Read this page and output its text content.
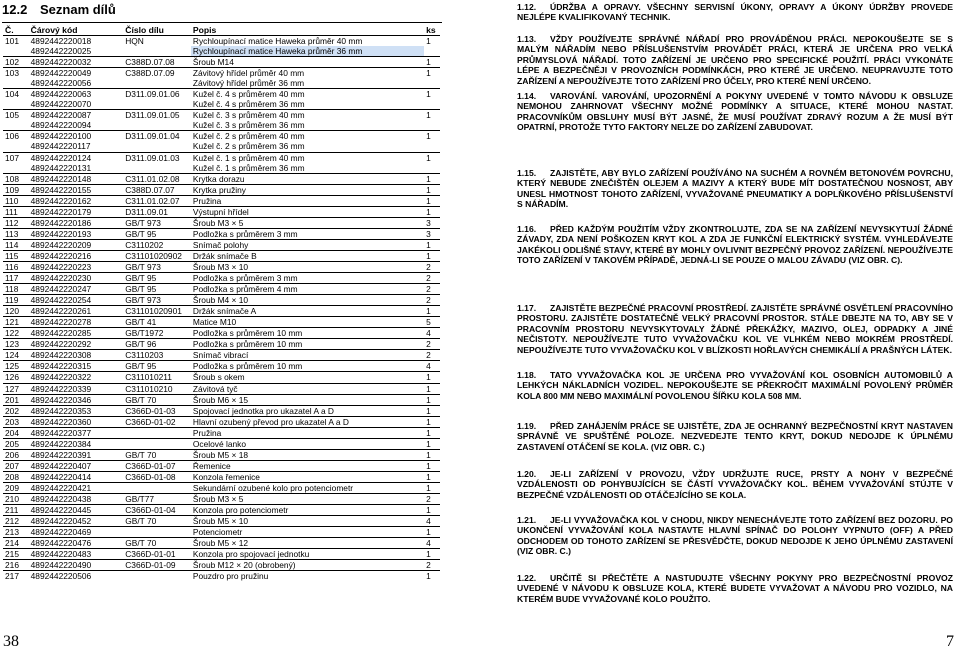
12.2 Seznam dílů
Č.	Čárový kód	Číslo dílu	Popis	ks
101	4892442220018	HQN	Rychloupínací matice Haweka průměr 40 mm	1
	4892442220025		Rychloupínací matice Haweka průměr 36 mm	
102	4892442220032	C388D.07.08	Šroub M14	1
103	4892442220049	C388D.07.09	Závitový hřídel průměr 40 mm	1
	4892442220056		Závitový hřídel průměr 36 mm	
104	4892442220063	D311.09.01.06	Kužel č. 4 s průměrem 40 mm	1
	4892442220070		Kužel č. 4 s průměrem 36 mm	
105	4892442220087	D311.09.01.05	Kužel č. 3 s průměrem 40 mm	1
	4892442220094		Kužel č. 3 s průměrem 36 mm	
106	4892442220100	D311.09.01.04	Kužel č. 2 s průměrem 40 mm	1
	4892442220117		Kužel č. 2 s průměrem 36 mm	
107	4892442220124	D311.09.01.03	Kužel č. 1 s průměrem 40 mm	1
	4892442220131		Kužel č. 1 s průměrem 36 mm	
108	4892442220148	C311.01.02.08	Krytka dorazu	1
109	4892442220155	C388D.07.07	Krytka pružiny	1
110	4892442220162	C311.01.02.07	Pružina	1
111	4892442220179	D311.09.01	Výstupní hřídel	1
112	4892442220186	GB/T 973	Šroub M3 × 5	3
113	4892442220193	GB/T 95	Podložka s průměrem 3 mm	3
114	4892442220209	C3110202	Snímač polohy	1
115	4892442220216	C31101020902	Držák snímače B	1
116	4892442220223	GB/T 973	Šroub M3 × 10	2
117	4892442220230	GB/T 95	Podložka s průměrem 3 mm	2
118	4892442220247	GB/T 95	Podložka s průměrem 4 mm	2
119	4892442220254	GB/T 973	Šroub M4 × 10	2
120	4892442220261	C31101020901	Držák snímače A	1
121	4892442220278	GB/T 41	Matice M10	5
122	4892442220285	GB/T1972	Podložka s průměrem 10 mm	4
123	4892442220292	GB/T 96	Podložka s průměrem 10 mm	2
124	4892442220308	C3110203	Snímač vibrací	2
125	4892442220315	GB/T 95	Podložka s průměrem 10 mm	4
126	4892442220322	C311010211	Šroub s okem	1
127	4892442220339	C311010210	Závitová tyč	1
201	4892442220346	GB/T 70	Šroub M6 × 15	1
202	4892442220353	C366D-01-03	Spojovací jednotka pro ukazatel A a D	1
203	4892442220360	C366D-01-02	Hlavní ozubený převod pro ukazatel A a D	1
204	4892442220377		Pružina	1
205	4892442220384		Ocelové lanko	1
206	4892442220391	GB/T 70	Šroub M5 × 18	1
207	4892442220407	C366D-01-07	Řemenice	1
208	4892442220414	C366D-01-08	Konzola řemenice	1
209	4892442220421		Sekundární ozubené kolo pro potenciometr	1
210	4892442220438	GB/T77	Šroub M3 × 5	2
211	4892442220445	C366D-01-04	Konzola pro potenciometr	1
212	4892442220452	GB/T 70	Šroub M5 × 10	4
213	4892442220469		Potenciometr	1
214	4892442220476	GB/T 70	Šroub M5 × 12	4
215	4892442220483	C366D-01-01	Konzola pro spojovací jednotku	1
216	4892442220490	C366D-01-09	Šroub M12 × 20 (obrobený)	2
217	4892442220506		Pouzdro pro pružinu	1
38	7
1.12. ÚDRŽBA A OPRAVY. VŠECHNY SERVISNÍ ÚKONY, OPRAVY A ÚKONY ÚDRŽBY PROVEDE NEJLÉPE KVALIFIKOVANÝ TECHNIK.
1.13. VŽDY POUŽÍVEJTE SPRÁVNÉ NÁŘADÍ PRO PROVÁDĚNOU PRÁCI. NEPOKOUŠEJTE SE S MALÝM NÁŘADÍM NEBO PŘÍSLUŠENSTVÍM PROVÁDĚT PRÁCI, KTERÁ JE URČENA PRO VELKÁ PRŮMYSLOVÁ NÁŘADÍ. TOTO ZAŘÍZENÍ JE URČENO PRO SPECIFICKÉ POUŽITÍ. PRÁCI VYKONÁTE LÉPE A BEZPEČNĚJI V PROVOZNÍCH PODMÍNKÁCH, PRO KTERÉ JE URČENO. NEUPRAVUJTE TOTO ZAŘÍZENÍ A NEPOUŽÍVEJTE TOTO ZAŘÍZENÍ PRO ÚČELY, PRO KTERÉ NENÍ URČENO.
1.14. VAROVÁNÍ. VAROVÁNÍ, UPOZORNĚNÍ A POKYNY UVEDENÉ V TOMTO NÁVODU K OBSLUZE NEMOHOU ZAHRNOVAT VŠECHNY MOŽNÉ PODMÍNKY A SITUACE, KTERÉ MOHOU NASTAT. PRACOVNÍKŮM OBSLUHY MUSÍ BÝT JASNÉ, ŽE MUSÍ POUŽÍVAT ZDRAVÝ ROZUM A ŽE MUSÍ BÝT OPATRNÍ, PROTOŽE TYTO FAKTORY NELZE DO ZAŘÍZENÍ ZABUDOVAT.
1.15. ZAJISTĚTE, ABY BYLO ZAŘÍZENÍ POUŽÍVÁNO NA SUCHÉM A ROVNÉM BETONOVÉM POVRCHU, KTERÝ NEBUDE ZNEČIŠTĚN OLEJEM A MAZIVY A KTERÝ BUDE MÍT DOSTATEČNOU NOSNOST, ABY UNESL HMOTNOST TOHOTO ZAŘÍZENÍ, VYVAŽOVANÉ PNEUMATIKY A DOPLŇKOVÉHO PŘÍSLUŠENSTVÍ S NÁŘADÍM.
1.16. PŘED KAŽDÝM POUŽITÍM VŽDY ZKONTROLUJTE, ZDA SE NA ZAŘÍZENÍ NEVYSKYTUJÍ ŽÁDNÉ ZÁVADY, ZDA NENÍ POŠKOZEN KRYT KOL A ZDA JE FUNKČNÍ ELEKTRICKÝ SYSTÉM. VYHLEDÁVEJTE JAKÉKOLI ODLIŠNÉ STAVY, KTERÉ BY MOHLY OVLIVNIT BEZPEČNÝ PROVOZ ZAŘÍZENÍ. NEPOUŽÍVEJTE TOTO ZAŘÍZENÍ V TAKOVÉM PŘÍPADĚ, JEDNÁ-LI SE POUZE O MALOU ZÁVADU (VIZ OBR. C).
1.17. ZAJISTĚTE BEZPEČNÉ PRACOVNÍ PROSTŘEDÍ. ZAJISTĚTE SPRÁVNÉ OSVĚTLENÍ PRACOVNÍHO PROSTORU. ZAJISTĚTE DOSTATEČNĚ VELKÝ PRACOVNÍ PROSTOR. STÁLE DBEJTE NA TO, ABY SE V PRACOVNÍM PROSTORU NEVYSKYTOVALY ŽÁDNÉ PŘEKÁŽKY, MAZIVO, OLEJ, ODPADKY A JINÉ NEČISTOTY. NEPOUŽÍVEJTE TUTO VYVAŽOVAČKU KOL VE VLHKÉM NEBO MOKRÉM PROSTŘEDÍ. NEPOUŽÍVEJTE TUTO VYVAŽOVAČKU KOL V BLÍZKOSTI HOŘLAVÝCH CHEMIKÁLIÍ A PRAŠNÝCH LÁTEK.
1.18. TATO VYVAŽOVAČKA KOL JE URČENA PRO VYVAŽOVÁNÍ KOL OSOBNÍCH AUTOMOBILŮ A LEHKÝCH NÁKLADNÍCH VOZIDEL. NEPOKOUŠEJTE SE PŘEKROČIT MAXIMÁLNÍ POVOLENÝ PRŮMĚR KOLA 800 MM NEBO MAXIMÁLNÍ POVOLENOU ŠÍŘKU KOLA 508 MM.
1.19. PŘED ZAHÁJENÍM PRÁCE SE UJISTĚTE, ZDA JE OCHRANNÝ BEZPEČNOSTNÍ KRYT NASTAVEN SPRÁVNĚ VE SPUŠTĚNÉ POLOZE. NEZVEDEJTE TENTO KRYT, DOKUD NEDOJDE K ÚPLNÉMU ZASTAVENÍ OTÁČENÍ SE KOLA. (VIZ OBR. C.)
1.20. JE-LI ZAŘÍZENÍ V PROVOZU, VŽDY UDRŽUJTE RUCE, PRSTY A NOHY V BEZPEČNÉ VZDÁLENOSTI OD POHYBUJÍCÍCH SE ČÁSTÍ VYVAŽOVAČKY KOL. BĚHEM VYVAŽOVÁNÍ STÚJTE V BEZPEČNÉ VZDÁLENOSTI OD OTÁČEJÍCÍHO SE KOLA.
1.21. JE-LI VYVAŽOVAČKA KOL V CHODU, NIKDY NENECHÁVEJTE TOTO ZAŘÍZENÍ BEZ DOZORU. PO UKONČENÍ VYVAŽOVÁNÍ KOLA NASTAVTE HLAVNÍ SPÍNAČ DO POLOHY VYPNUTO (OFF) A PŘED ODCHODEM OD TOHOTO ZAŘÍZENÍ SE PŘESVĚDČTE, DOKUD NEDOJDE K JEHO ÚPLNÉMU ZASTAVENÍ (VIZ OBR. C.)
1.22. URČITĚ SI PŘEČTĚTE A NASTUDUJTE VŠECHNY POKYNY PRO BEZPEČNOSTNÍ PROVOZ UVEDENÉ V NÁVODU K OBSLUZE KOLA, KTERÉ BUDETE VYVAŽOVAT A NÁVODU PRO VOZIDLO, NA KTERÉM BUDE VYVAŽOVANÉ KOLO POUŽITO.
